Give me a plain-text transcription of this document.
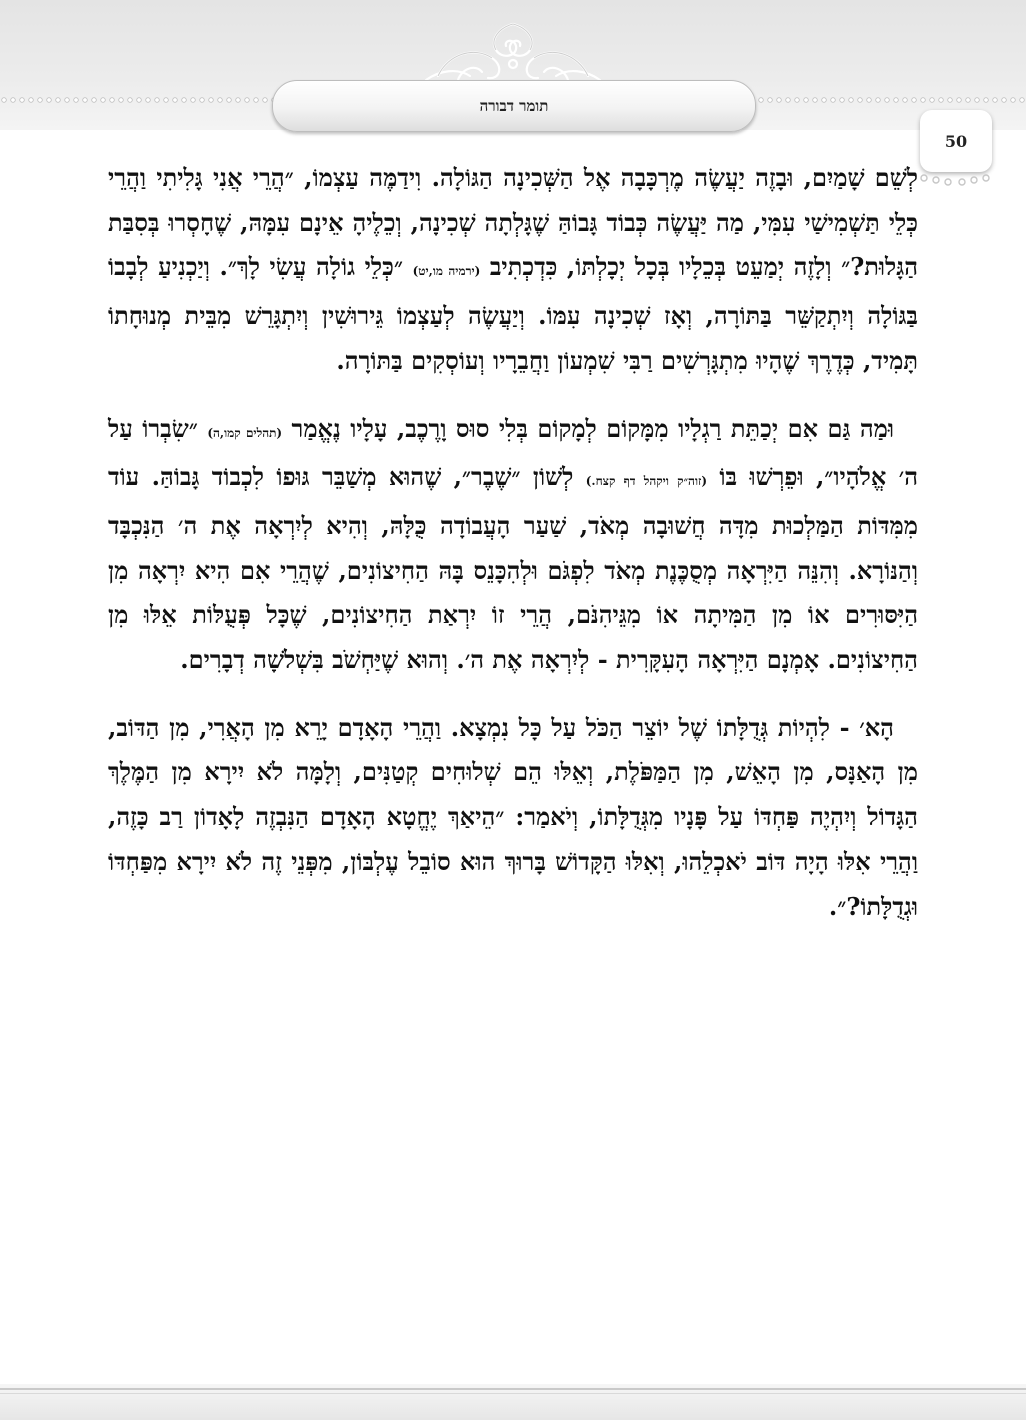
תומר דבורה
50

לְשֵׁם שָׁמַיִם, וּבָזֶה יַעֲשֶׂה מֶרְכָּבָה אֶל הַשְּׁכִינָה הַגּוֹלָה. וִידַמֶּה עַצְמוֹ, ״הֲרֵי אֲנִי גָּלִיתִי וַהֲרֵי כְּלֵי תַּשְׁמִישַׁי עִמִּי, מַה יַּעֲשֶׂה כְּבוֹד גָּבוֹהַּ שֶׁגָּלְתָה שְׁכִינָה, וְכֵלֶיהָ אֵינָם עִמָּהּ, שֶׁחָסְרוּ בְּסִבַּת הַגָּלוּת?״ וְלָזֶה יְמַעֵט בְּכֵלָיו בְּכָל יְכָלְתּוֹ, כִּדְכְתִיב (ירמיה מו,יט) ״כְּלֵי גוֹלָה עֲשִׂי לָךְ״. וְיַכְנִיעַ לְבָבוֹ בַּגּוֹלָה וְיִתְקַשֵּׁר בַּתּוֹרָה, וְאָז שְׁכִינָה עִמּוֹ. וְיַעֲשֶׂה לְעַצְמוֹ גֵּירוּשִׁין וְיִתְגָּרֵשׁ מִבֵּית מְנוּחָתוֹ תָּמִיד, כְּדֶרֶךְ שֶׁהָיוּ מִתְגָּרְשִׁים רַבִּי שִׁמְעוֹן וַחֲבֵרָיו וְעוֹסְקִים בַּתּוֹרָה.

וּמַה גַּם אִם יְכַתֵּת רַגְלָיו מִמָּקוֹם לְמָקוֹם בְּלִי סוּס וָרֶכֶב, עָלָיו נֶאֱמַר (תהלים קמו,ה) ״שִׂבְרוֹ עַל ה׳ אֱלֹהָיו״, וּפֵרְשׁוּ בּוֹ (זוה״ק ויקהל דף קצח.) לְשׁוֹן ״שֶׁבֶר״, שֶׁהוּא מְשַׁבֵּר גּוּפוֹ לִכְבוֹד גָּבוֹהַּ. עוֹד מִמִּדּוֹת הַמַּלְכוּת מִדָּה חֲשׁוּבָה מְאֹד, שַׁעַר הָעֲבוֹדָה כֻּלָּהּ, וְהִיא לְיִרְאָה אֶת ה׳ הַנִּכְבָּד וְהַנּוֹרָא. וְהִנֵּה הַיִּרְאָה מְסֻכֶּנֶת מְאֹד לִפְגֹּם וּלְהִכָּנֵס בָּהּ הַחִיצוֹנִים, שֶׁהֲרֵי אִם הִיא יִרְאָה מִן הַיִּסּוּרִים אוֹ מִן הַמִּיתָה אוֹ מִגֵּיהִנֹּם, הֲרֵי זוֹ יִרְאַת הַחִיצוֹנִים, שֶׁכָּל פְּעֻלּוֹת אֵלּוּ מִן הַחִיצוֹנִים. אָמְנָם הַיִּרְאָה הָעִקָּרִית - לְיִרְאָה אֶת ה׳. וְהוּא שֶׁיַּחְשֹׁב בִּשְׁלֹשָׁה דְבָרִים.

הָא׳ - לִהְיוֹת גְּדֻלָּתוֹ שֶׁל יוֹצֵר הַכֹּל עַל כָּל נִמְצָא. וַהֲרֵי הָאָדָם יָרֵא מִן הָאֲרִי, מִן הַדּוֹב, מִן הָאַנָּס, מִן הָאֵשׁ, מִן הַמַּפֹּלֶת, וְאֵלּוּ הֵם שְׁלוּחִים קְטַנִּים, וְלָמָּה לֹא יִירָא מִן הַמֶּלֶךְ הַגָּדוֹל וְיִהְיֶה פַּחְדּוֹ עַל פָּנָיו מִגְּדֻלָּתוֹ, וְיֹאמַר: ״הֵיאַךְ יֶחֱטָא הָאָדָם הַנִּבְזֶה לָאָדוֹן רַב כָּזֶה, וַהֲרֵי אִלּוּ הָיָה דּוֹב יֹאכְלֵהוּ, וְאִלּוּ הַקָּדוֹשׁ בָּרוּךְ הוּא סוֹבֵל עֶלְבּוֹן, מִפְּנֵי זֶה לֹא יִירָא מִפַּחְדּוֹ וּגְדֻלָּתוֹ?״.
